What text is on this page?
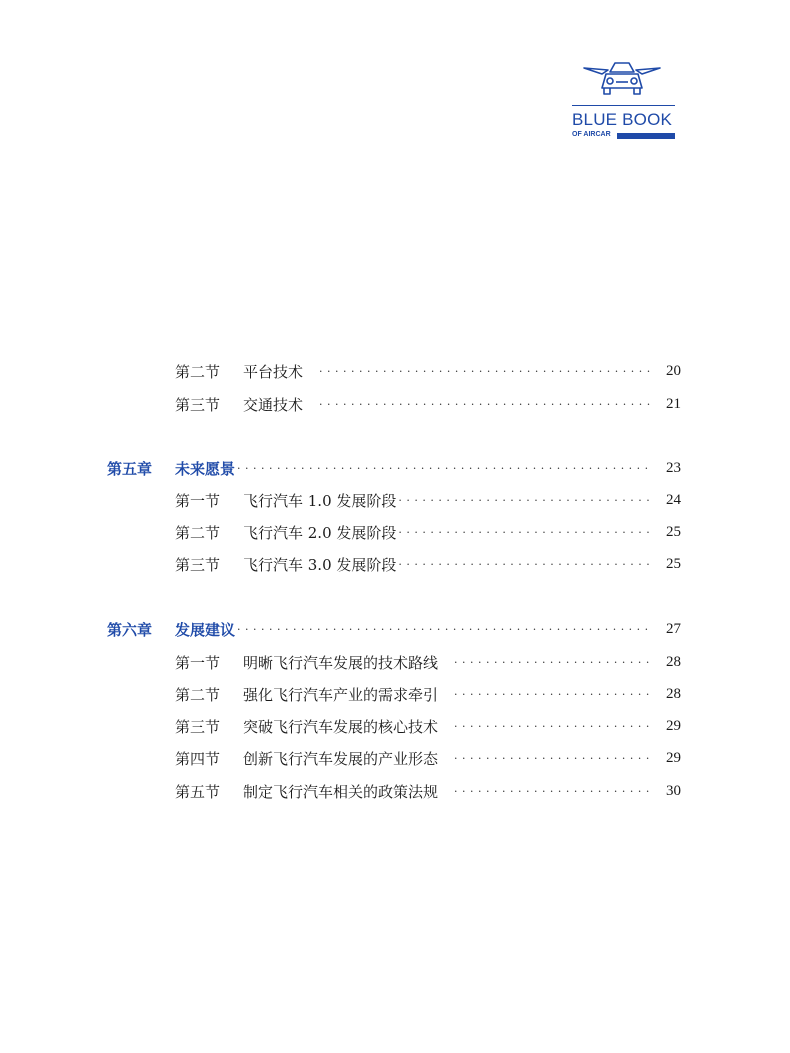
BLUE BOOK
OF AIRCAR
第二节	平台技术 · · ·	20
第三节	交通技术 · · ·	21
第五章	未来愿景 · · ·	23
第一节	飞行汽车 1.0 发展阶段 · · ·	24
第二节	飞行汽车 2.0 发展阶段 · · ·	25
第三节	飞行汽车 3.0 发展阶段 · · ·	25
第六章	发展建议 · · ·	27
第一节	明晰飞行汽车发展的技术路线 · · ·	28
第二节	强化飞行汽车产业的需求牵引 · · ·	28
第三节	突破飞行汽车发展的核心技术 · · ·	29
第四节	创新飞行汽车发展的产业形态 · · ·	29
第五节	制定飞行汽车相关的政策法规 · · ·	30
